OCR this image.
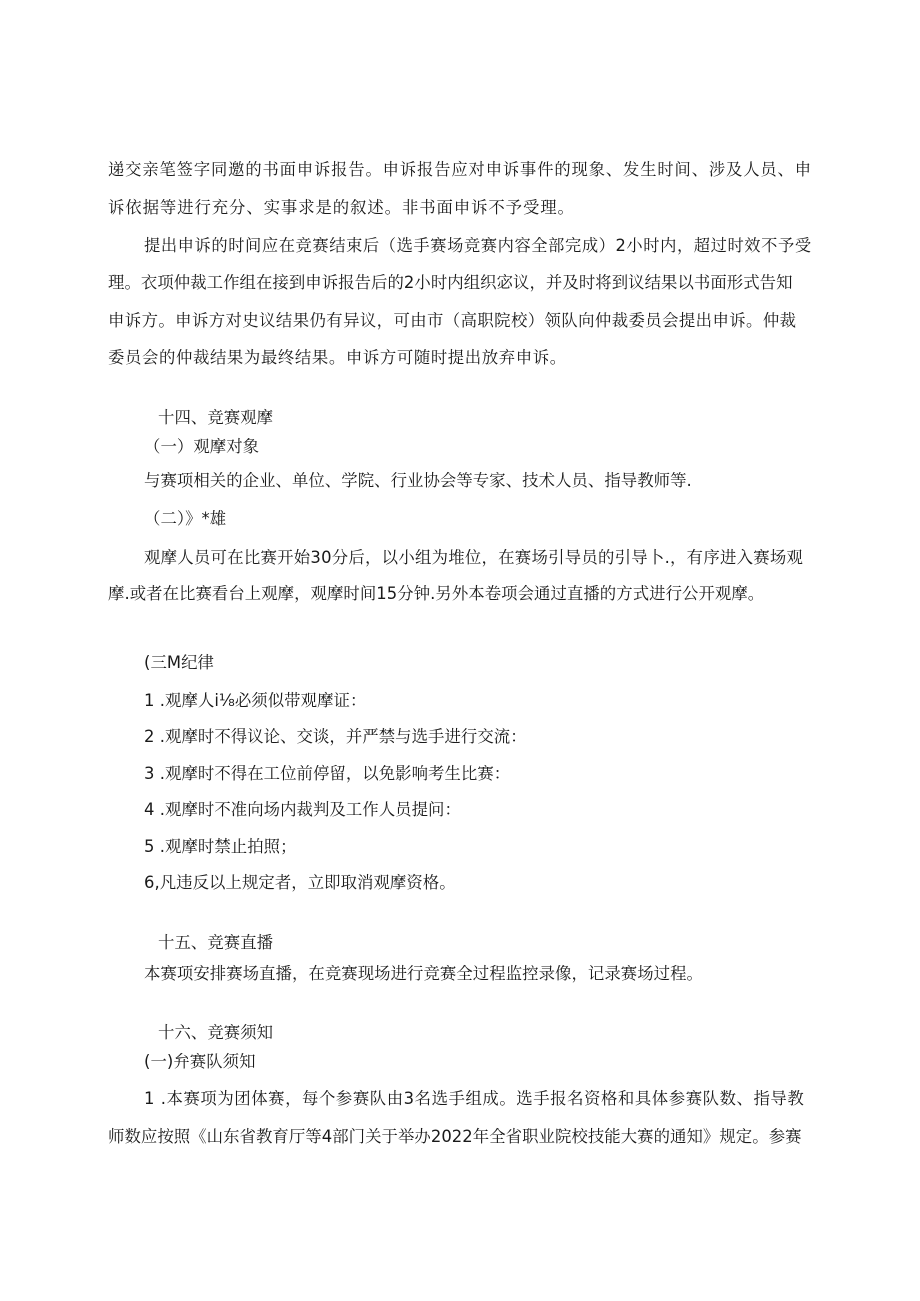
递交亲笔签字同邀的书面申诉报告。申诉报告应对申诉事件的现象、发生时间、涉及人员、申
诉依据等进行充分、实事求是的叙述。非书面申诉不予受理。
提出申诉的时间应在竞赛结束后（选手赛场竞赛内容全部完成）2小时内，超过时效不予受
理。衣项仲裁工作组在接到申诉报告后的2小时内组织宓议，并及时将到议结果以书面形式告知
申诉方。申诉方对史议结果仍有异议，可由市（高职院校）领队向仲裁委员会提出申诉。仲裁
委员会的仲裁结果为最终结果。申诉方可随时提出放弃申诉。
十四、竞赛观摩
（一）观摩对象
与赛项相关的企业、单位、学院、行业协会等专家、技术人员、指导教师等.
（二）》*雄
观摩人员可在比赛开始30分后，以小组为堆位，在赛场引导员的引导卜.，有序进入赛场观
摩.或者在比赛看台上观摩，观摩时间15分钟.另外本卷项会通过直播的方式进行公开观摩。
(三M纪律
1 .观摩人i⅛必须似带观摩证：
2 .观摩时不得议论、交谈，并严禁与选手进行交流：
3 .观摩时不得在工位前停留，以免影响考生比赛：
4 .观摩时不准向场内裁判及工作人员提问：
5 .观摩时禁止拍照；
6,凡违反以上规定者，立即取消观摩资格。
十五、竞赛直播
本赛项安排赛场直播，在竞赛现场进行竞赛全过程监控录像，记录赛场过程。
十六、竞赛须知
(一)弁赛队须知
1 .本赛项为团体赛，每个参赛队由3名选手组成。选手报名资格和具体参赛队数、指导教
师数应按照《山东省教育厅等4部门关于举办2022年全省职业院校技能大赛的通知》规定。参赛
